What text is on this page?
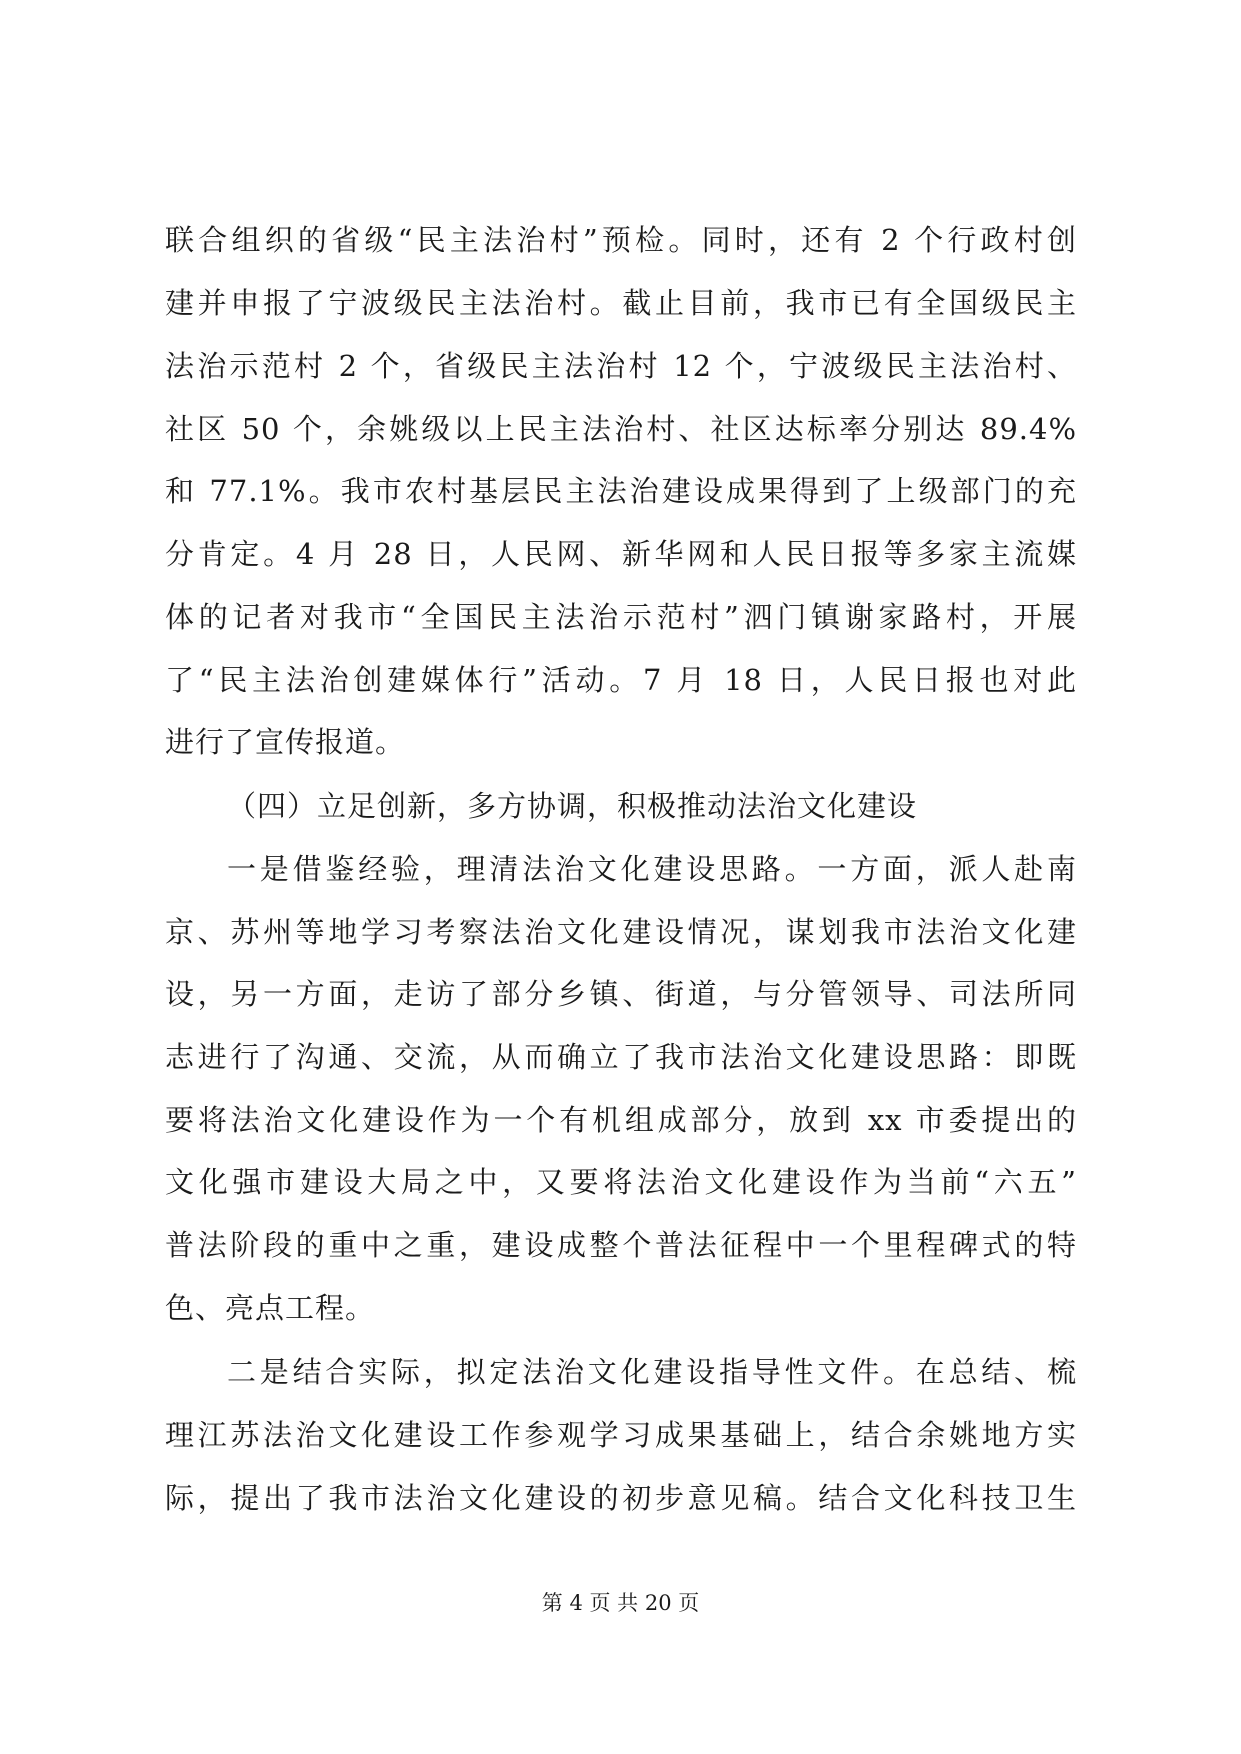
联合组织的省级“民主法治村”预检。同时，还有 2 个行政村创
建并申报了宁波级民主法治村。截止目前，我市已有全国级民主
法治示范村 2 个，省级民主法治村 12 个，宁波级民主法治村、
社区 50 个，余姚级以上民主法治村、社区达标率分别达 89.4%
和 77.1%。我市农村基层民主法治建设成果得到了上级部门的充
分肯定。4 月 28 日，人民网、新华网和人民日报等多家主流媒
体的记者对我市“全国民主法治示范村”泗门镇谢家路村，开展
了“民主法治创建媒体行”活动。7 月 18 日，人民日报也对此
进行了宣传报道。
（四）立足创新，多方协调，积极推动法治文化建设
一是借鉴经验，理清法治文化建设思路。一方面，派人赴南
京、苏州等地学习考察法治文化建设情况，谋划我市法治文化建
设，另一方面，走访了部分乡镇、街道，与分管领导、司法所同
志进行了沟通、交流，从而确立了我市法治文化建设思路：即既
要将法治文化建设作为一个有机组成部分，放到 xx 市委提出的
文化强市建设大局之中，又要将法治文化建设作为当前“六五”
普法阶段的重中之重，建设成整个普法征程中一个里程碑式的特
色、亮点工程。
二是结合实际，拟定法治文化建设指导性文件。在总结、梳
理江苏法治文化建设工作参观学习成果基础上，结合余姚地方实
际，提出了我市法治文化建设的初步意见稿。结合文化科技卫生
第 4 页 共 20 页
